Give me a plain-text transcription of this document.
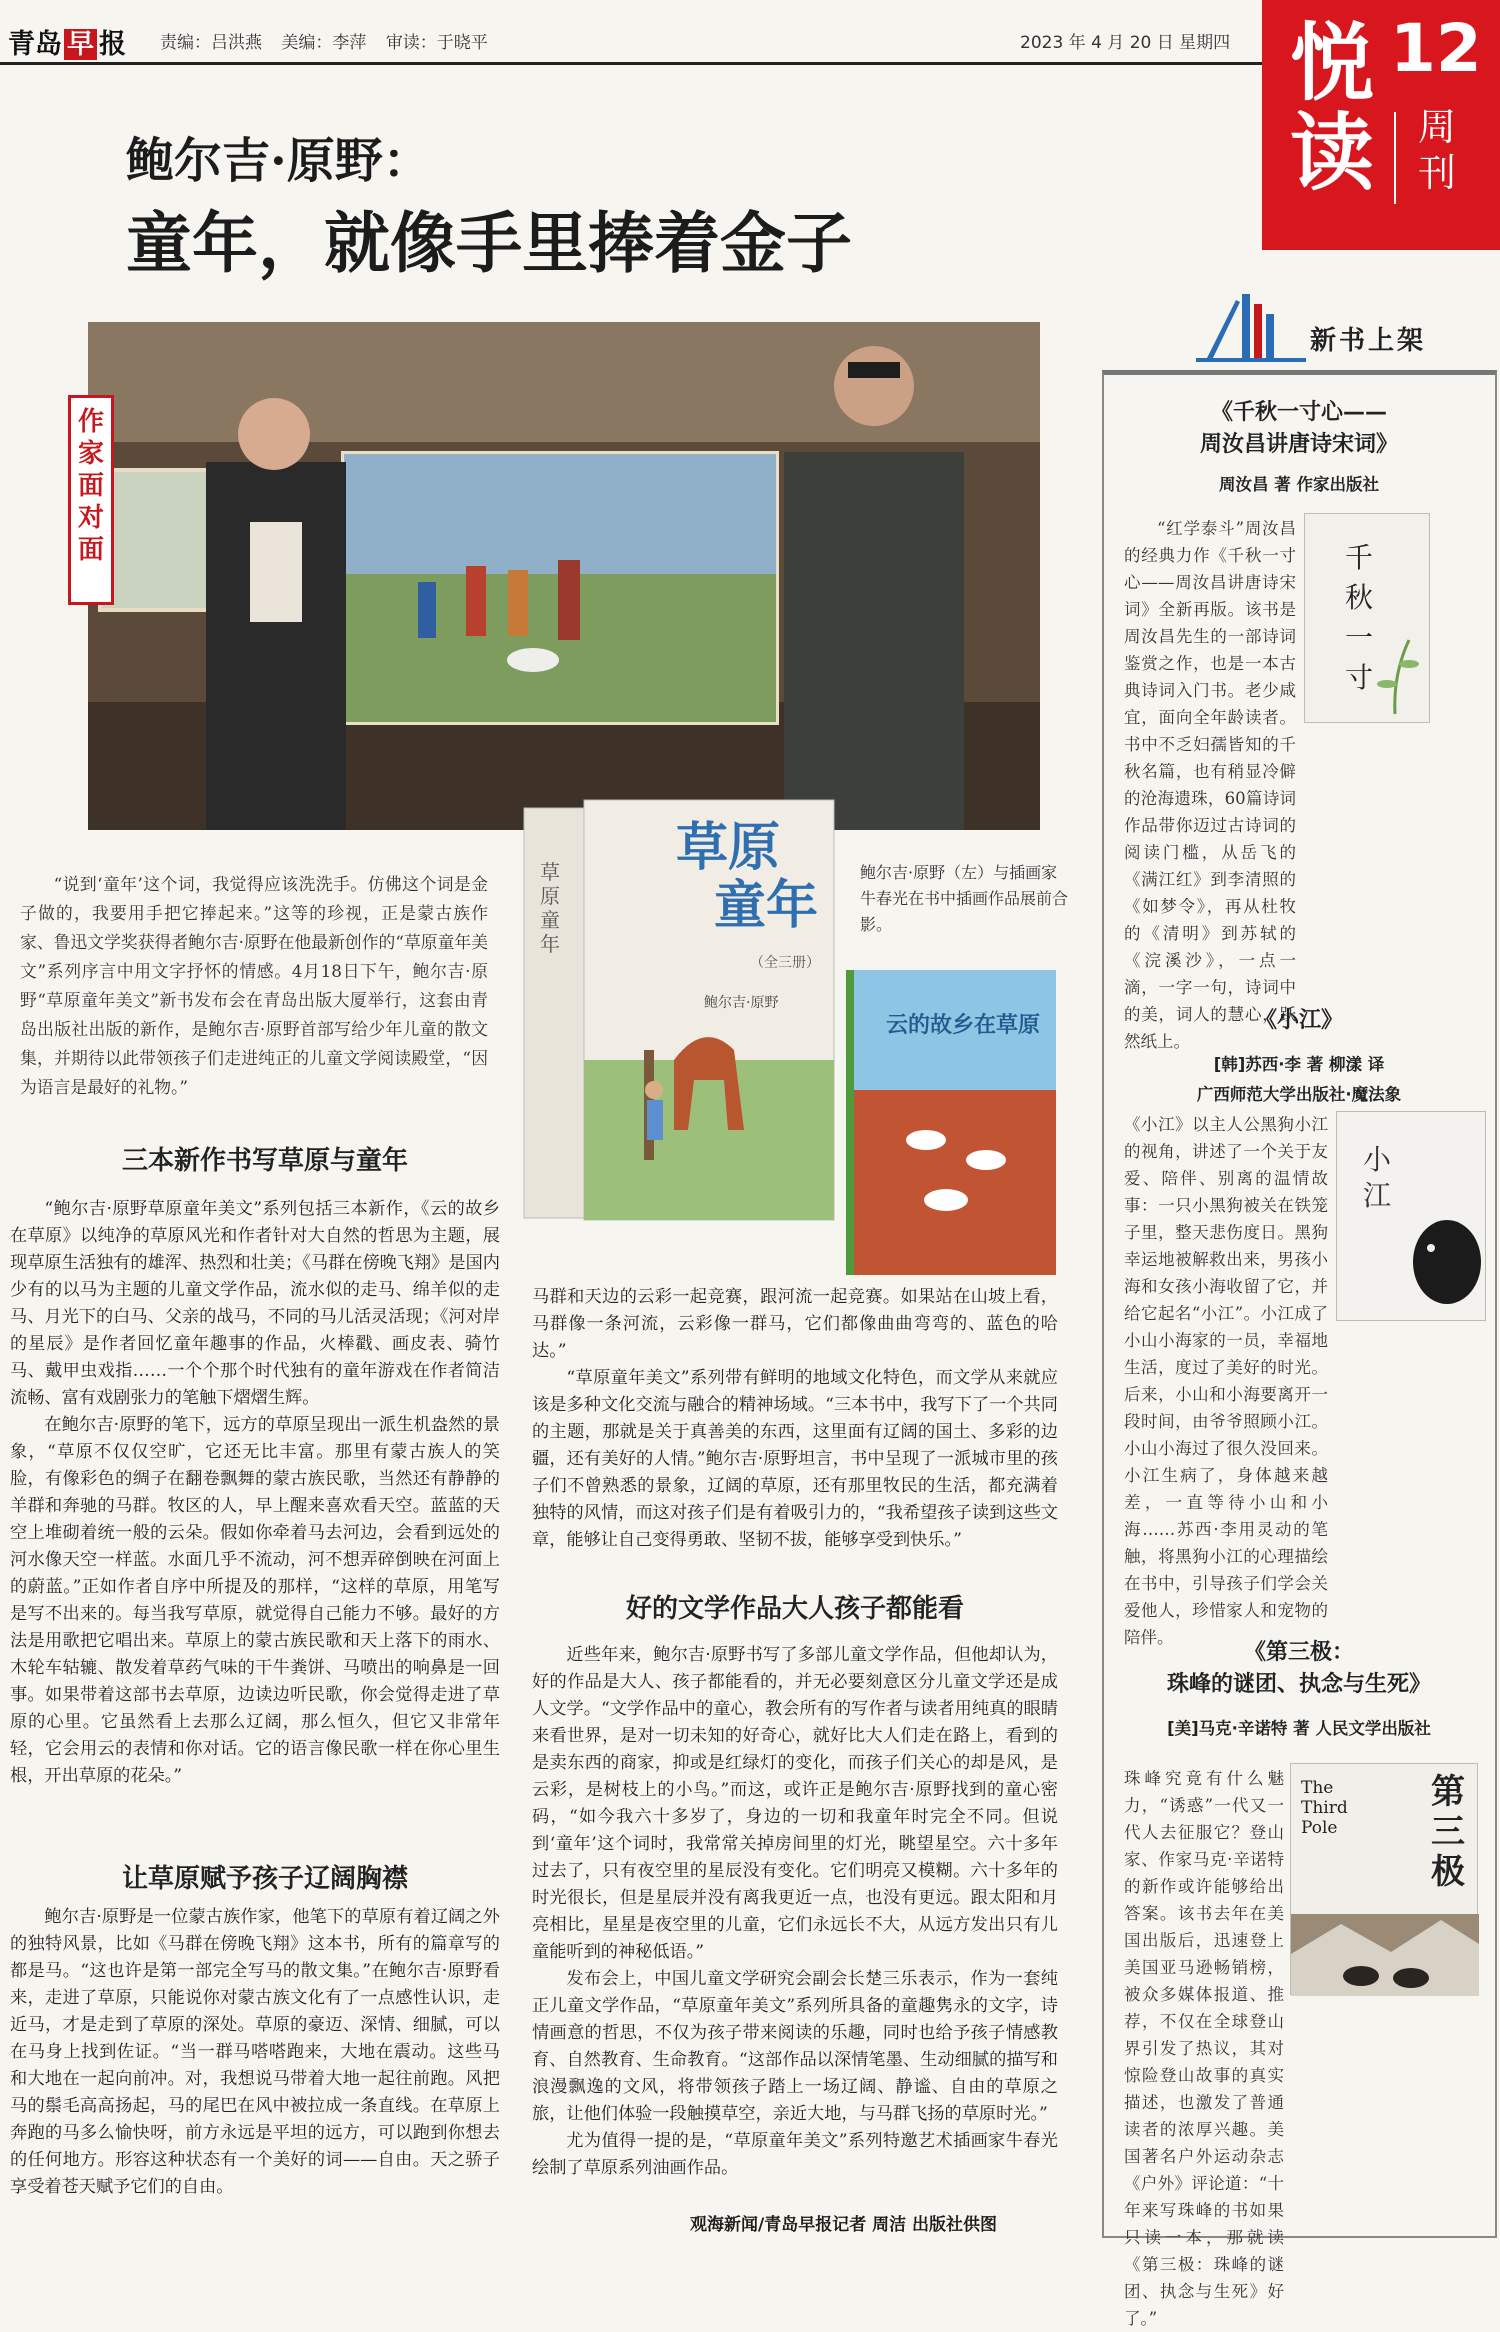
青岛 早 报 责编：吕洪燕 美编：李萍 审读：于晓平	2023 年 4 月 20 日 星期四 悦读
12
周刊
鲍尔吉·原野：
童年，就像手里捧着金子
作家面对面
草原
童年
（全三册）
鲍尔吉·原野
草原童年
云的故乡在草原
鲍尔吉·原野（左）与插画家牛春光在书中插画作品展前合影。
“说到‘童年’这个词，我觉得应该洗洗手。仿佛这个词是金子做的，我要用手把它捧起来。”这等的珍视，正是蒙古族作家、鲁迅文学奖获得者鲍尔吉·原野在他最新创作的“草原童年美文”系列序言中用文字抒怀的情感。4月18日下午，鲍尔吉·原野“草原童年美文”新书发布会在青岛出版大厦举行，这套由青岛出版社出版的新作，是鲍尔吉·原野首部写给少年儿童的散文集，并期待以此带领孩子们走进纯正的儿童文学阅读殿堂，“因为语言是最好的礼物。”
三本新作书写草原与童年

“鲍尔吉·原野草原童年美文”系列包括三本新作，《云的故乡在草原》以纯净的草原风光和作者针对大自然的哲思为主题，展现草原生活独有的雄浑、热烈和壮美；《马群在傍晚飞翔》是国内少有的以马为主题的儿童文学作品，流水似的走马、绵羊似的走马、月光下的白马、父亲的战马，不同的马儿活灵活现；《河对岸的星辰》是作者回忆童年趣事的作品，火棒戳、画皮表、骑竹马、戴甲虫戏指……一个个那个时代独有的童年游戏在作者简洁流畅、富有戏剧张力的笔触下熠熠生辉。

在鲍尔吉·原野的笔下，远方的草原呈现出一派生机盎然的景象，“草原不仅仅空旷，它还无比丰富。那里有蒙古族人的笑脸，有像彩色的绸子在翻卷飘舞的蒙古族民歌，当然还有静静的羊群和奔驰的马群。牧区的人，早上醒来喜欢看天空。蓝蓝的天空上堆砌着统一般的云朵。假如你牵着马去河边，会看到远处的河水像天空一样蓝。水面几乎不流动，河不想弄碎倒映在河面上的蔚蓝。”正如作者自序中所提及的那样，“这样的草原，用笔写是写不出来的。每当我写草原，就觉得自己能力不够。最好的方法是用歌把它唱出来。草原上的蒙古族民歌和天上落下的雨水、木轮车轱辘、散发着草药气味的干牛粪饼、马喷出的响鼻是一回事。如果带着这部书去草原，边读边听民歌，你会觉得走进了草原的心里。它虽然看上去那么辽阔，那么恒久，但它又非常年轻，它会用云的表情和你对话。它的语言像民歌一样在你心里生根，开出草原的花朵。”

让草原赋予孩子辽阔胸襟

鲍尔吉·原野是一位蒙古族作家，他笔下的草原有着辽阔之外的独特风景，比如《马群在傍晚飞翔》这本书，所有的篇章写的都是马。“这也许是第一部完全写马的散文集。”在鲍尔吉·原野看来，走进了草原，只能说你对蒙古族文化有了一点感性认识，走近马，才是走到了草原的深处。草原的豪迈、深情、细腻，可以在马身上找到佐证。“当一群马嗒嗒跑来，大地在震动。这些马和大地在一起向前冲。对，我想说马带着大地一起往前跑。风把马的鬃毛高高扬起，马的尾巴在风中被拉成一条直线。在草原上奔跑的马多么愉快呀，前方永远是平坦的远方，可以跑到你想去的任何地方。形容这种状态有一个美好的词——自由。天之骄子享受着苍天赋予它们的自由。

马群和天边的云彩一起竞赛，跟河流一起竞赛。如果站在山坡上看，马群像一条河流，云彩像一群马，它们都像曲曲弯弯的、蓝色的哈达。”

“草原童年美文”系列带有鲜明的地域文化特色，而文学从来就应该是多种文化交流与融合的精神场域。“三本书中，我写下了一个共同的主题，那就是关于真善美的东西，这里面有辽阔的国土、多彩的边疆，还有美好的人情。”鲍尔吉·原野坦言，书中呈现了一派城市里的孩子们不曾熟悉的景象，辽阔的草原，还有那里牧民的生活，都充满着独特的风情，而这对孩子们是有着吸引力的，“我希望孩子读到这些文章，能够让自己变得勇敢、坚韧不拔，能够享受到快乐。”

好的文学作品大人孩子都能看

近些年来，鲍尔吉·原野书写了多部儿童文学作品，但他却认为，好的作品是大人、孩子都能看的，并无必要刻意区分儿童文学还是成人文学。“文学作品中的童心，教会所有的写作者与读者用纯真的眼睛来看世界，是对一切未知的好奇心，就好比大人们走在路上，看到的是卖东西的商家，抑或是红绿灯的变化，而孩子们关心的却是风，是云彩，是树枝上的小鸟。”而这，或许正是鲍尔吉·原野找到的童心密码，“如今我六十多岁了，身边的一切和我童年时完全不同。但说到‘童年’这个词时，我常常关掉房间里的灯光，眺望星空。六十多年过去了，只有夜空里的星辰没有变化。它们明亮又模糊。六十多年的时光很长，但是星辰并没有离我更近一点，也没有更远。跟太阳和月亮相比，星星是夜空里的儿童，它们永远长不大，从远方发出只有儿童能听到的神秘低语。”

发布会上，中国儿童文学研究会副会长楚三乐表示，作为一套纯正儿童文学作品，“草原童年美文”系列所具备的童趣隽永的文字，诗情画意的哲思，不仅为孩子带来阅读的乐趣，同时也给予孩子情感教育、自然教育、生命教育。“这部作品以深情笔墨、生动细腻的描写和浪漫飘逸的文风，将带领孩子踏上一场辽阔、静谧、自由的草原之旅，让他们体验一段触摸草空，亲近大地，与马群飞扬的草原时光。”

尤为值得一提的是，“草原童年美文”系列特邀艺术插画家牛春光绘制了草原系列油画作品。

观海新闻/青岛早报记者 周洁 出版社供图
新书上架
《千秋一寸心——
周汝昌讲唐诗宋词》
周汝昌 著 作家出版社
千秋一寸
“红学泰斗”周汝昌的经典力作《千秋一寸心——周汝昌讲唐诗宋词》全新再版。该书是周汝昌先生的一部诗词鉴赏之作，也是一本古典诗词入门书。老少咸宜，面向全年龄读者。书中不乏妇孺皆知的千秋名篇，也有稍显冷僻的沧海遗珠，60篇诗词作品带你迈过古诗词的阅读门槛，从岳飞的《满江红》到李清照的《如梦令》，再从杜牧的《清明》到苏轼的《浣溪沙》，一点一滴，一字一句，诗词中的美，词人的慧心，跃然纸上。
《小江》
[韩]苏西·李 著 柳漾 译
广西师范大学出版社·魔法象
小江
《小江》以主人公黑狗小江的视角，讲述了一个关于友爱、陪伴、别离的温情故事：一只小黑狗被关在铁笼子里，整天悲伤度日。黑狗幸运地被解救出来，男孩小海和女孩小海收留了它，并给它起名“小江”。小江成了小山小海家的一员，幸福地生活，度过了美好的时光。后来，小山和小海要离开一段时间，由爷爷照顾小江。小山小海过了很久没回来。小江生病了，身体越来越差，一直等待小山和小海……苏西·李用灵动的笔触，将黑狗小江的心理描绘在书中，引导孩子们学会关爱他人，珍惜家人和宠物的陪伴。
《第三极：
珠峰的谜团、执念与生死》
[美]马克·辛诺特 著 人民文学出版社
The
Third
Pole
第三极
珠峰究竟有什么魅力，“诱惑”一代又一代人去征服它？登山家、作家马克·辛诺特的新作或许能够给出答案。该书去年在美国出版后，迅速登上美国亚马逊畅销榜，被众多媒体报道、推荐，不仅在全球登山界引发了热议，其对惊险登山故事的真实描述，也激发了普通读者的浓厚兴趣。美国著名户外运动杂志《户外》评论道：“十年来写珠峰的书如果只读一本，那就读《第三极：珠峰的谜团、执念与生死》好了。”
